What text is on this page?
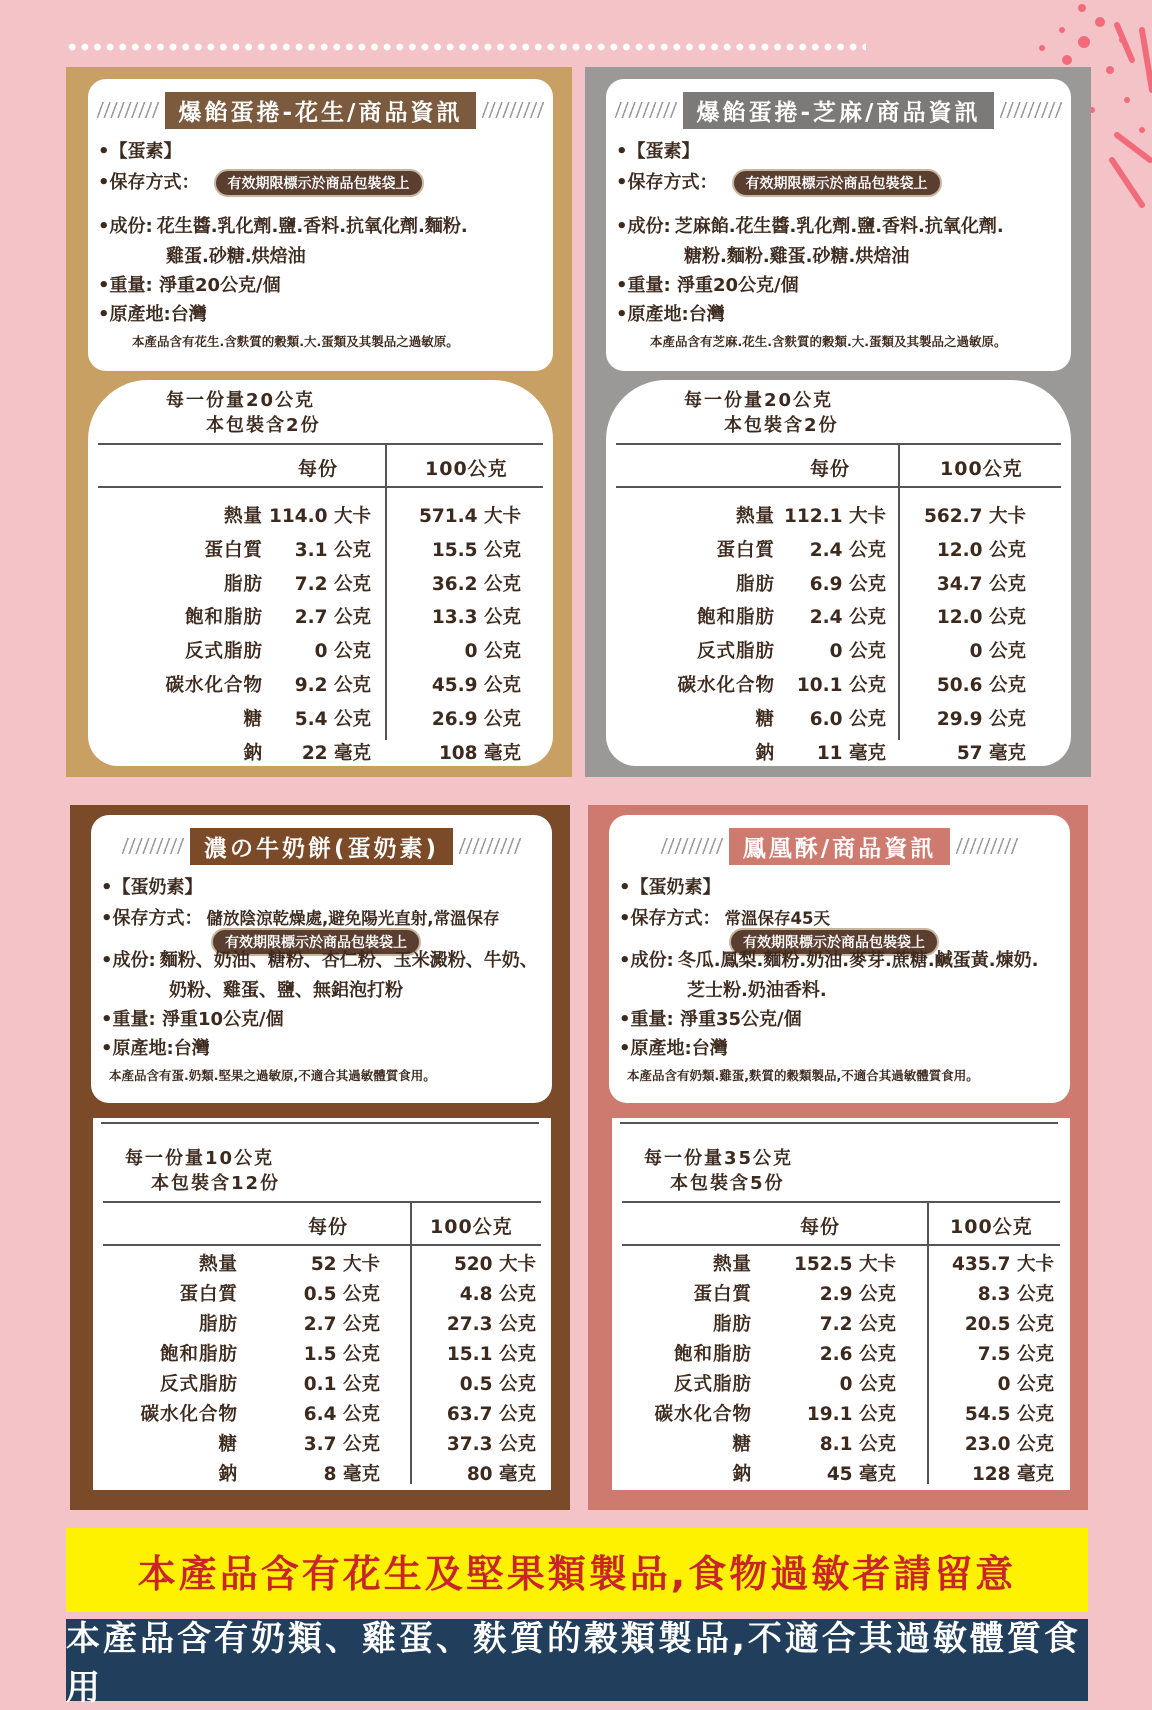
爆餡蛋捲-花生/商品資訊
•【蛋素】
•保存方式： 有效期限標示於商品包裝袋上
•成份: 花生醬.乳化劑.鹽.香料.抗氧化劑.麵粉.
雞蛋.砂糖.烘焙油
•重量: 淨重20公克/個
•原產地:台灣
本產品含有花生.含麩質的穀類.大.蛋類及其製品之過敏原。
每一份量20公克
本包裝含2份
每份	100公克
熱量 114.0 大卡	571.4 大卡
蛋白質	3.1 公克	15.5 公克
脂肪	7.2 公克	36.2 公克
飽和脂肪	2.7 公克	13.3 公克
反式脂肪	0 公克	0 公克
碳水化合物	9.2 公克	45.9 公克
糖	5.4 公克	26.9 公克
鈉	22 毫克	108 毫克
爆餡蛋捲-芝麻/商品資訊
•【蛋素】
•保存方式： 有效期限標示於商品包裝袋上
•成份: 芝麻餡.花生醬.乳化劑.鹽.香料.抗氧化劑.
糖粉.麵粉.雞蛋.砂糖.烘焙油
•重量: 淨重20公克/個
•原產地:台灣
本產品含有芝麻.花生.含麩質的穀類.大.蛋類及其製品之過敏原。
每一份量20公克
本包裝含2份
每份	100公克
熱量 112.1 大卡 562.7 大卡
蛋白質	2.4 公克	12.0 公克
脂肪	6.9 公克	34.7 公克
飽和脂肪	2.4 公克	12.0 公克
反式脂肪	0 公克	0 公克
碳水化合物	10.1 公克	50.6 公克
糖	6.0 公克	29.9 公克
鈉	11 毫克	57 毫克
濃の牛奶餅(蛋奶素)
•【蛋奶素】
•保存方式： 儲放陰涼乾燥處,避免陽光直射,常溫保存
有效期限標示於商品包裝袋上
•成份: 麵粉、奶油、糖粉、杏仁粉、玉米澱粉、牛奶、
奶粉、雞蛋、鹽、無鋁泡打粉
•重量: 淨重10公克/個
•原產地:台灣
本產品含有蛋.奶類.堅果之過敏原,不適合其過敏體質食用。
每一份量10公克
本包裝含12份
每份	100公克
熱量	52 大卡	520 大卡
蛋白質	0.5 公克	4.8 公克
脂肪	2.7 公克	27.3 公克
飽和脂肪	1.5 公克	15.1 公克
反式脂肪	0.1 公克	0.5 公克
碳水化合物	6.4 公克	63.7 公克
糖	3.7 公克	37.3 公克
鈉	8 毫克	80 毫克
鳳凰酥/商品資訊
•【蛋奶素】
•保存方式： 常溫保存45天
有效期限標示於商品包裝袋上
•成份: 冬瓜.鳳梨.麵粉.奶油.麥芽.蔗糖.鹹蛋黃.煉奶.
芝士粉.奶油香料.
•重量: 淨重35公克/個
•原產地:台灣
本產品含有奶類.雞蛋,麩質的穀類製品,不適合其過敏體質食用。
每一份量35公克
本包裝含5份
每份	100公克
熱量	152.5 大卡	435.7 大卡
蛋白質	2.9 公克	8.3 公克
脂肪	7.2 公克	20.5 公克
飽和脂肪	2.6 公克	7.5 公克
反式脂肪	0 公克	0 公克
碳水化合物	19.1 公克	54.5 公克
糖	8.1 公克	23.0 公克
鈉	45 毫克	128 毫克
本產品含有花生及堅果類製品,食物過敏者請留意
本產品含有奶類、雞蛋、麩質的穀類製品,不適合其過敏體質食用
